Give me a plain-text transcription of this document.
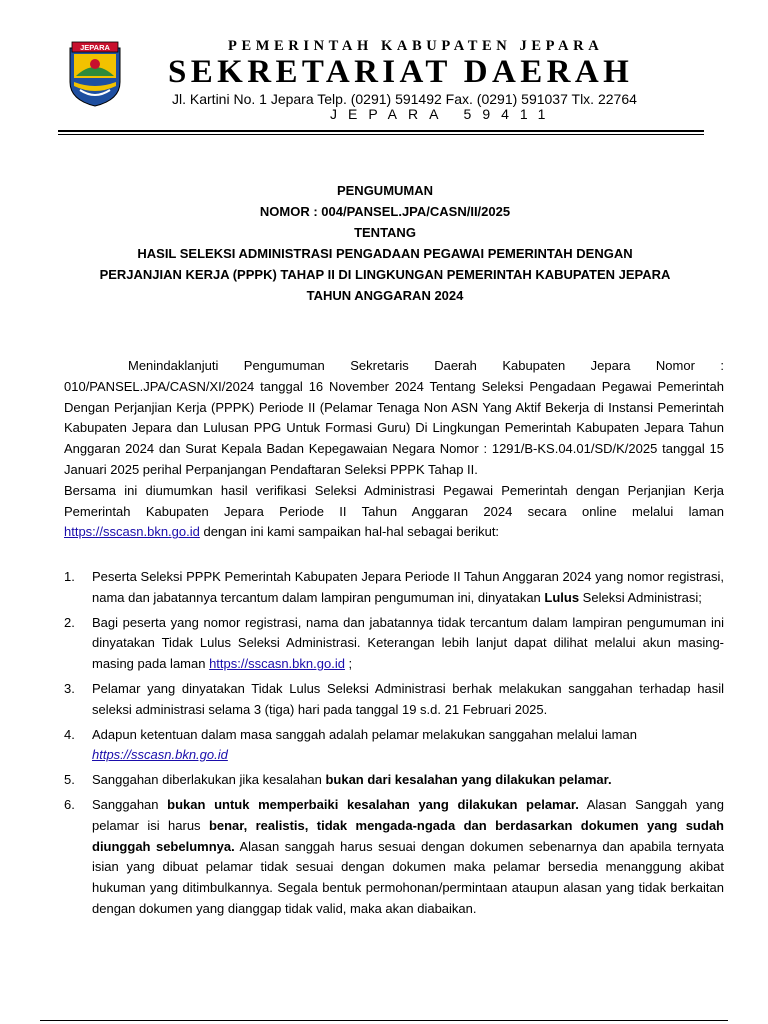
JEPARA	PEMERINTAH KABUPATEN JEPARA
SEKRETARIAT DAERAH
Jl. Kartini No. 1 Jepara Telp. (0291) 591492 Fax. (0291) 591037 Tlx. 22764
JEPARA 59411
PENGUMUMAN
NOMOR : 004/PANSEL.JPA/CASN/II/2025
TENTANG
HASIL SELEKSI ADMINISTRASI PENGADAAN PEGAWAI PEMERINTAH DENGAN
PERJANJIAN KERJA (PPPK) TAHAP II DI LINGKUNGAN PEMERINTAH KABUPATEN JEPARA
TAHUN ANGGARAN 2024

Menindaklanjuti Pengumuman Sekretaris Daerah Kabupaten Jepara Nomor : 010/PANSEL.JPA/CASN/XI/2024 tanggal 16 November 2024 Tentang Seleksi Pengadaan Pegawai Pemerintah Dengan Perjanjian Kerja (PPPK) Periode II (Pelamar Tenaga Non ASN Yang Aktif Bekerja di Instansi Pemerintah Kabupaten Jepara dan Lulusan PPG Untuk Formasi Guru) Di Lingkungan Pemerintah Kabupaten Jepara Tahun Anggaran 2024 dan Surat Kepala Badan Kepegawaian Negara Nomor : 1291/B-KS.04.01/SD/K/2025 tanggal 15 Januari 2025 perihal Perpanjangan Pendaftaran Seleksi PPPK Tahap II.

Bersama ini diumumkan hasil verifikasi Seleksi Administrasi Pegawai Pemerintah dengan Perjanjian Kerja Pemerintah Kabupaten Jepara Periode II Tahun Anggaran 2024 secara online melalui laman https://sscasn.bkn.go.id dengan ini kami sampaikan hal-hal sebagai berikut:

1. Peserta Seleksi PPPK Pemerintah Kabupaten Jepara Periode II Tahun Anggaran 2024 yang nomor registrasi, nama dan jabatannya tercantum dalam lampiran pengumuman ini, dinyatakan Lulus Seleksi Administrasi;
2. Bagi peserta yang nomor registrasi, nama dan jabatannya tidak tercantum dalam lampiran pengumuman ini dinyatakan Tidak Lulus Seleksi Administrasi. Keterangan lebih lanjut dapat dilihat melalui akun masing-masing pada laman https://sscasn.bkn.go.id ;
3. Pelamar yang dinyatakan Tidak Lulus Seleksi Administrasi berhak melakukan sanggahan terhadap hasil seleksi administrasi selama 3 (tiga) hari pada tanggal 19 s.d. 21 Februari 2025.
4. Adapun ketentuan dalam masa sanggah adalah pelamar melakukan sanggahan melalui laman
https://sscasn.bkn.go.id
5. Sanggahan diberlakukan jika kesalahan bukan dari kesalahan yang dilakukan pelamar.
6. Sanggahan bukan untuk memperbaiki kesalahan yang dilakukan pelamar. Alasan Sanggah yang pelamar isi harus benar, realistis, tidak mengada-ngada dan berdasarkan dokumen yang sudah diunggah sebelumnya. Alasan sanggah harus sesuai dengan dokumen sebenarnya dan apabila ternyata isian yang dibuat pelamar tidak sesuai dengan dokumen maka pelamar bersedia menanggung akibat hukuman yang ditimbulkannya. Segala bentuk permohonan/permintaan ataupun alasan yang tidak berkaitan dengan dokumen yang dianggap tidak valid, maka akan diabaikan.
